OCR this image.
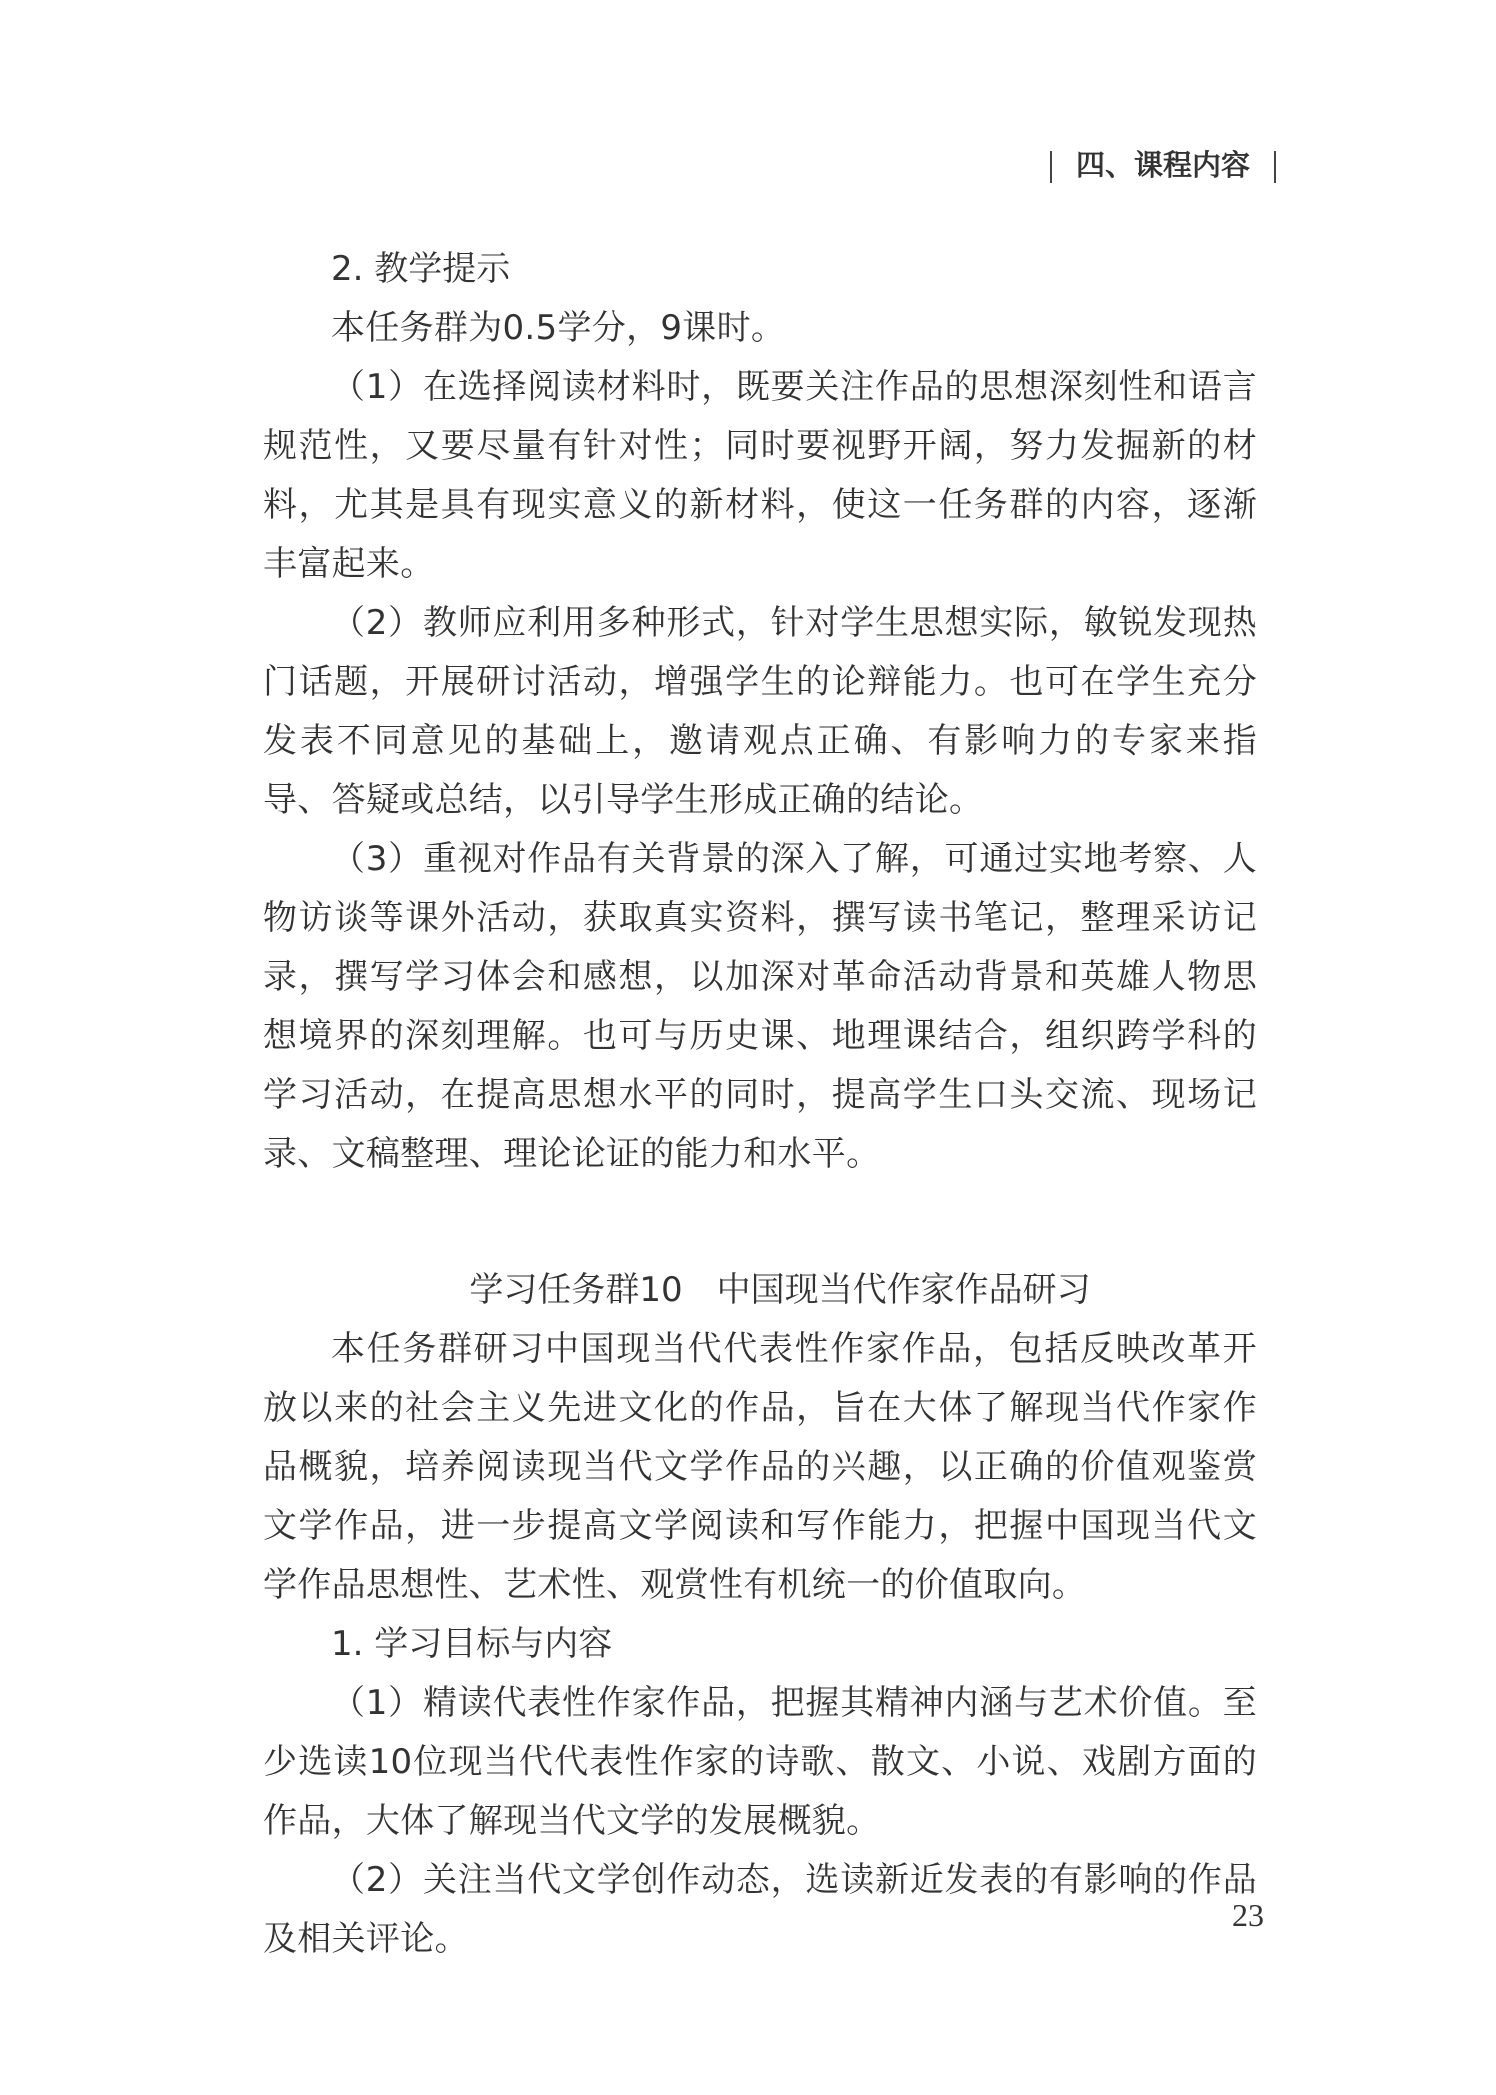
四、课程内容

2. 教学提示

本任务群为0.5学分，9课时。

（1）在选择阅读材料时，既要关注作品的思想深刻性和语言规范性，又要尽量有针对性；同时要视野开阔，努力发掘新的材料，尤其是具有现实意义的新材料，使这一任务群的内容，逐渐丰富起来。

（2）教师应利用多种形式，针对学生思想实际，敏锐发现热门话题，开展研讨活动，增强学生的论辩能力。也可在学生充分发表不同意见的基础上，邀请观点正确、有影响力的专家来指导、答疑或总结，以引导学生形成正确的结论。

（3）重视对作品有关背景的深入了解，可通过实地考察、人物访谈等课外活动，获取真实资料，撰写读书笔记，整理采访记录，撰写学习体会和感想，以加深对革命活动背景和英雄人物思想境界的深刻理解。也可与历史课、地理课结合，组织跨学科的学习活动，在提高思想水平的同时，提高学生口头交流、现场记录、文稿整理、理论论证的能力和水平。

学习任务群10 中国现当代作家作品研习

本任务群研习中国现当代代表性作家作品，包括反映改革开放以来的社会主义先进文化的作品，旨在大体了解现当代作家作品概貌，培养阅读现当代文学作品的兴趣，以正确的价值观鉴赏文学作品，进一步提高文学阅读和写作能力，把握中国现当代文学作品思想性、艺术性、观赏性有机统一的价值取向。

1. 学习目标与内容

（1）精读代表性作家作品，把握其精神内涵与艺术价值。至少选读10位现当代代表性作家的诗歌、散文、小说、戏剧方面的作品，大体了解现当代文学的发展概貌。

（2）关注当代文学创作动态，选读新近发表的有影响的作品及相关评论。

23
